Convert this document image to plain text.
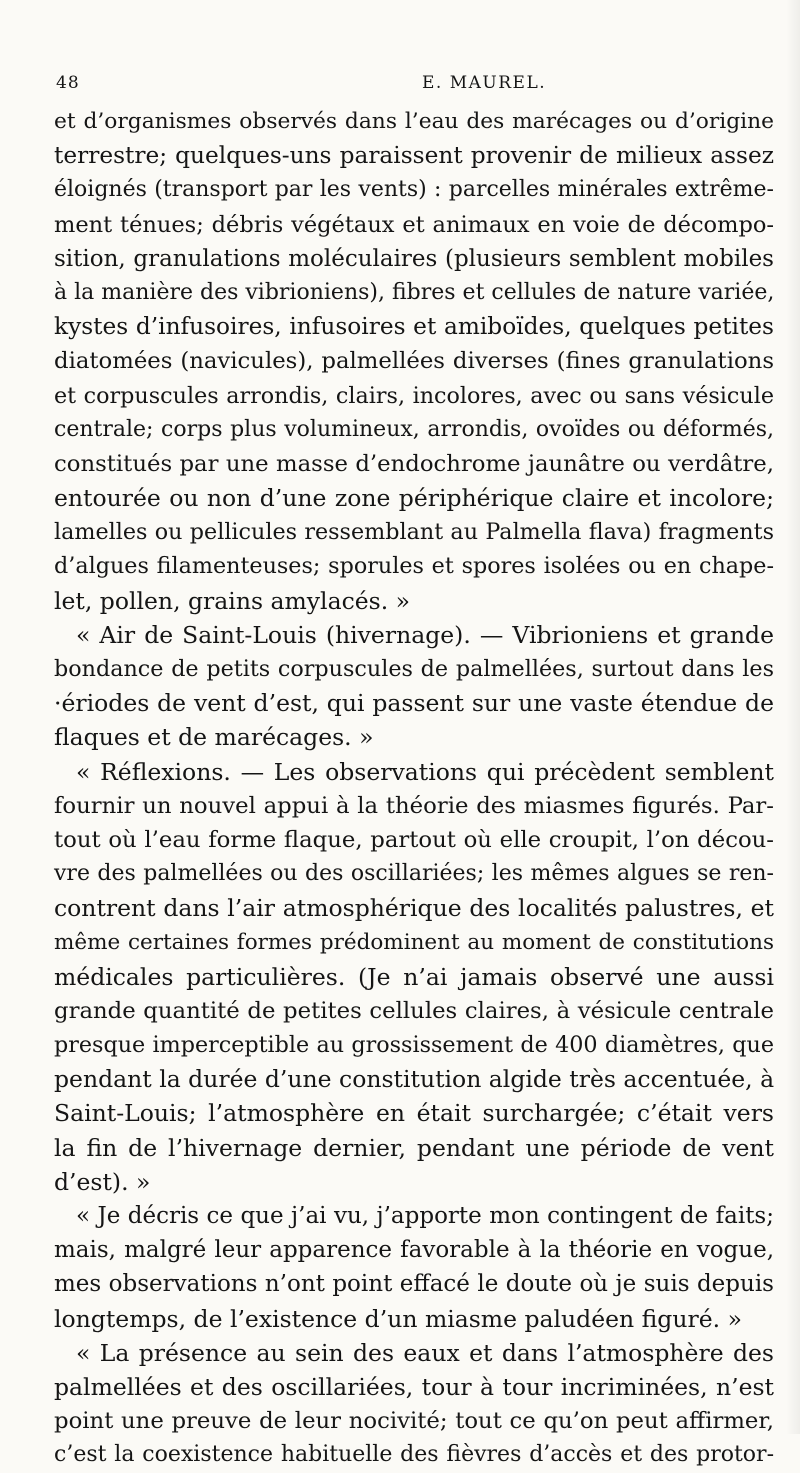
48	E. MAUREL.
et d’organismes observés dans l’eau des marécages ou d’origine
terrestre; quelques-uns paraissent provenir de milieux assez
éloignés (transport par les vents) : parcelles minérales extrême-
ment ténues; débris végétaux et animaux en voie de décompo-
sition, granulations moléculaires (plusieurs semblent mobiles
à la manière des vibrioniens), fibres et cellules de nature variée,
kystes d’infusoires, infusoires et amiboïdes, quelques petites
diatomées (navicules), palmellées diverses (fines granulations
et corpuscules arrondis, clairs, incolores, avec ou sans vésicule
centrale; corps plus volumineux, arrondis, ovoïdes ou déformés,
constitués par une masse d’endochrome jaunâtre ou verdâtre,
entourée ou non d’une zone périphérique claire et incolore;
lamelles ou pellicules ressemblant au Palmella flava) fragments
d’algues filamenteuses; sporules et spores isolées ou en chape-
let, pollen, grains amylacés. »
« Air de Saint-Louis (hivernage). — Vibrioniens et grande
bondance de petits corpuscules de palmellées, surtout dans les
·ériodes de vent d’est, qui passent sur une vaste étendue de
flaques et de marécages. »
« Réflexions. — Les observations qui précèdent semblent
fournir un nouvel appui à la théorie des miasmes figurés. Par-
tout où l’eau forme flaque, partout où elle croupit, l’on décou-
vre des palmellées ou des oscillariées; les mêmes algues se ren-
contrent dans l’air atmosphérique des localités palustres, et
même certaines formes prédominent au moment de constitutions
médicales particulières. (Je n’ai jamais observé une aussi
grande quantité de petites cellules claires, à vésicule centrale
presque imperceptible au grossissement de 400 diamètres, que
pendant la durée d’une constitution algide très accentuée, à
Saint-Louis; l’atmosphère en était surchargée; c’était vers
la fin de l’hivernage dernier, pendant une période de vent
d’est). »
« Je décris ce que j’ai vu, j’apporte mon contingent de faits;
mais, malgré leur apparence favorable à la théorie en vogue,
mes observations n’ont point effacé le doute où je suis depuis
longtemps, de l’existence d’un miasme paludéen figuré. »
« La présence au sein des eaux et dans l’atmosphère des
palmellées et des oscillariées, tour à tour incriminées, n’est
point une preuve de leur nocivité; tout ce qu’on peut affirmer,
c’est la coexistence habituelle des fièvres d’accès et des protor-
